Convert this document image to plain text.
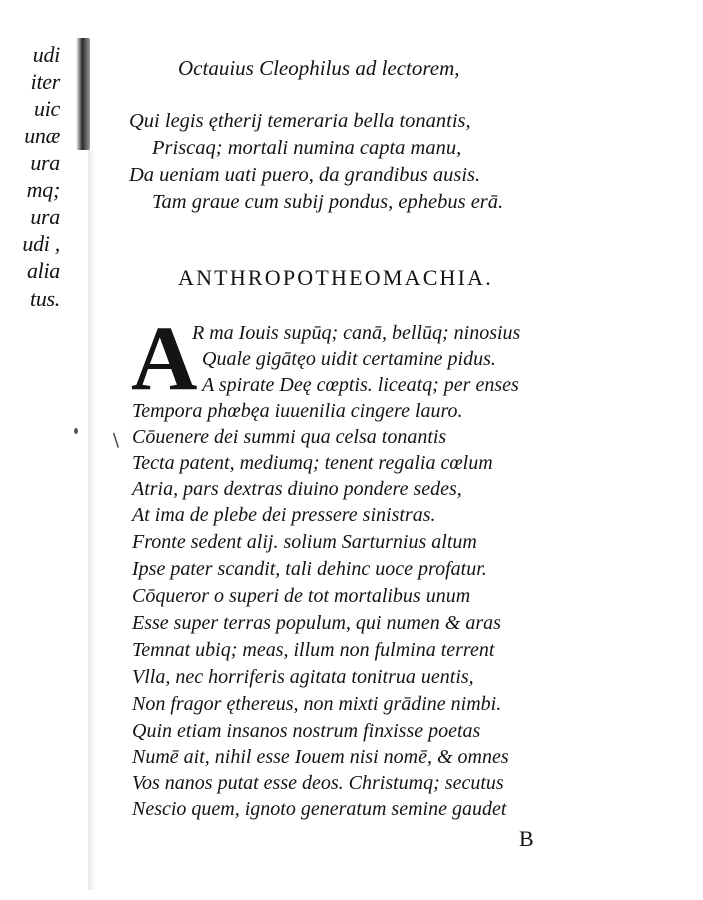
udi
iter
uic
unæ
ura
mq;
ura
udi ,
alia
tus.
/
Octauius Cleophilus ad lectorem,
Qui legis ętherij temeraria bella tonantis,
Priscaq; mortali numina capta manu,
Da ueniam uati puero, da grandibus ausis.
Tam graue cum subij pondus, ephebus erā.
ANTHROPOTHEOMACHIA.
A
R ma Iouis supūq; canā, bellūq; ninosius
Quale gigātęo uidit certamine pidus.
A spirate Deę cœptis. liceatq; per enses
Tempora phœbęa iuuenilia cingere lauro.
Cōuenere dei summi qua celsa tonantis
Tecta patent, mediumq; tenent regalia cœlum
Atria, pars dextras diuino pondere sedes,
At ima de plebe dei pressere sinistras.
Fronte sedent alij. solium Sarturnius altum
Ipse pater scandit, tali dehinc uoce profatur.
Cōqueror o superi de tot mortalibus unum
Esse super terras populum, qui numen & aras
Temnat ubiq; meas, illum non fulmina terrent
Vlla, nec horriferis agitata tonitrua uentis,
Non fragor ęthereus, non mixti grādine nimbi.
Quin etiam insanos nostrum finxisse poetas
Numē ait, nihil esse Iouem nisi nomē, & omnes
Vos nanos putat esse deos. Christumq; secutus
Nescio quem, ignoto generatum semine gaudet
B
